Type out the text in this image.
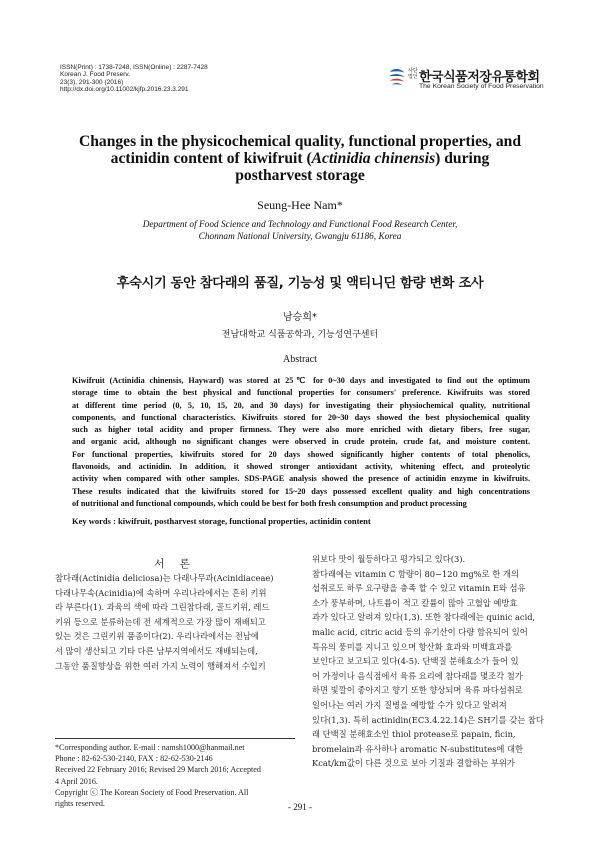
ISSN(Print) : 1738-7248, ISSN(Online) : 2287-7428
Korean J. Food Preserv.
23(3), 291-300 (2016)
http://dx.doi.org/10.11002/kjfp.2016.23.3.291
사단법인 한국식품저장유통학회
The Korean Society of Food Preservation
Changes in the physicochemical quality, functional properties, and
actinidin content of kiwifruit (Actinidia chinensis) during
postharvest storage
Seung-Hee Nam*
Department of Food Science and Technology and Functional Food Research Center,
Chonnam National University, Gwangju 61186, Korea
후숙시기 동안 참다래의 품질, 기능성 및 액티니딘 함량 변화 조사
남승희*
전남대학교 식품공학과, 기능성연구센터
Abstract
Kiwifruit (Actinidia chinensis, Hayward) was stored at 25℃ for 0~30 days and investigated to find out the optimum
storage time to obtain the best physical and functional properties for consumers' preference. Kiwifruits was stored
at different time period (0, 5, 10, 15, 20, and 30 days) for investigating their physiochemical quality, nutritional
components, and functional characteristics. Kiwifruits stored for 20~30 days showed the best physiochemical quality
such as higher total acidity and proper firmness. They were also more enriched with dietary fibers, free sugar,
and organic acid, although no significant changes were observed in crude protein, crude fat, and moisture content.
For functional properties, kiwifruits stored for 20 days showed significantly higher contents of total phenolics,
flavonoids, and actinidin. In addition, it showed stronger antioxidant activity, whitening effect, and proteolytic
activity when compared with other samples. SDS-PAGE analysis showed the presence of actinidin enzyme in kiwifruits.
These results indicated that the kiwifruits stored for 15~20 days possessed excellent quality and high concentrations
of nutritional and functional compounds, which could be best for both fresh consumption and product processing
Key words : kiwifruit, postharvest storage, functional properties, actinidin content
서 론
참다래(Actinidia deliciosa)는 다래나무과(Acinidiaceae)
다래나무속(Acinidia)에 속하며 우리나라에서는 흔히 키위
라 부른다(1). 과육의 색에 따라 그린참다래, 골드키위, 레드
키위 등으로 분류하는데 전 세계적으로 가장 많이 재배되고
있는 것은 그린키위 품종이다(2). 우리나라에서는 전남에
서 많이 생산되고 기타 다른 남부지역에서도 재배되는데,
그동안 품질향상을 위한 여러 가지 노력이 행해져서 수입키
위보다 맛이 월등하다고 평가되고 있다(3).
참다래에는 vitamin C 함량이 80~120 mg%로 한 개의
섭취로도 하루 요구량을 충족 할 수 있고 vitamin E와 섬유
소가 풍부하며, 나트륨이 적고 칼륨이 많아 고혈압 예방효
과가 있다고 알려져 있다(1,3). 또한 참다래에는 quinic acid,
malic acid, citric acid 등의 유기산이 다량 함유되어 있어
특유의 풍미를 지니고 있으며 항산화 효과와 미백효과를
보인다고 보고되고 있다(4-5). 단백질 분해효소가 들어 있
어 가정이나 음식점에서 육류 요리에 참다래를 몇조각 첨가
하면 빛깔이 좋아지고 향기 또한 향상되며 육류 파다섬취로
일어나는 여러 가지 질병을 예방할 수가 있다고 알려져
있다(1,3). 특히 actinidin(EC3.4.22.14)은 SH기를 갖는 참다
래 단백질 분해효소인 thiol protease로 papain, ficin,
bromelain과 유사하나 aromatic N-substitutes에 대한
Kcat/km값이 다른 것으로 보아 기질과 결합하는 부위가
*Corresponding author. E-mail : namsh1000@hanmail.net
Phone : 82-62-530-2140, FAX : 82-62-530-2146
Received 22 February 2016; Revised 29 March 2016; Accepted
4 April 2016.
Copyright ⓒ The Korean Society of Food Preservation. All
rights reserved.	- 291 -
